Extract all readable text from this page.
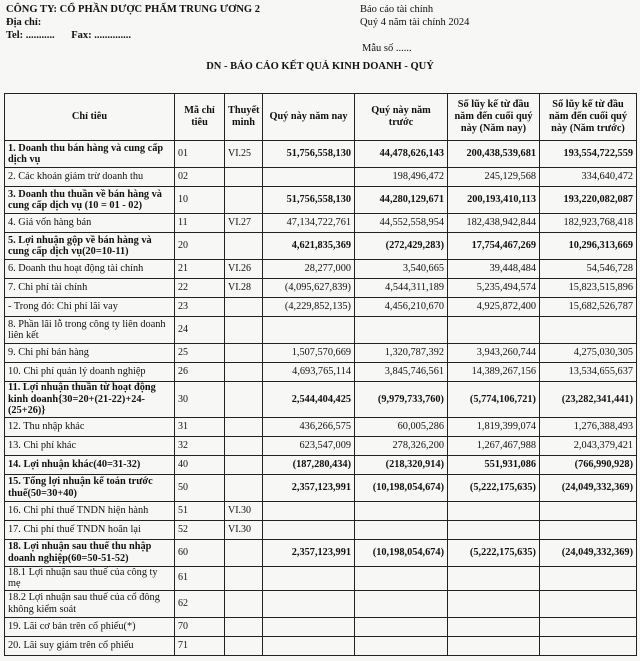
CÔNG TY: CỔ PHẦN DƯỢC PHẨM TRUNG ƯƠNG 2
Địa chỉ:
Tel: ........... Fax: ..............
Báo cáo tài chính
Quý 4 năm tài chính 2024
Mẫu số ......
DN - BÁO CÁO KẾT QUẢ KINH DOANH - QUÝ
Chỉ tiêu	Mã chỉ tiêu	Thuyết minh	Quý này năm nay	Quý này năm trước	Số lũy kế từ đầu năm đến cuối quý này (Năm nay)	Số lũy kế từ đầu năm đến cuối quý này (Năm trước)
1. Doanh thu bán hàng và cung cấp dịch vụ	01	VI.25	51,756,558,130	44,478,626,143	200,438,539,681	193,554,722,559
2. Các khoản giảm trừ doanh thu	02			198,496,472	245,129,568	334,640,472
3. Doanh thu thuần về bán hàng và cung cấp dịch vụ (10 = 01 - 02)	10		51,756,558,130	44,280,129,671	200,193,410,113	193,220,082,087
4. Giá vốn hàng bán	11	VI.27	47,134,722,761	44,552,558,954	182,438,942,844	182,923,768,418
5. Lợi nhuận gộp về bán hàng và cung cấp dịch vụ(20=10-11)	20		4,621,835,369	(272,429,283)	17,754,467,269	10,296,313,669
6. Doanh thu hoạt động tài chính	21	VI.26	28,277,000	3,540,665	39,448,484	54,546,728
7. Chi phí tài chính	22	VI.28	(4,095,627,839)	4,544,311,189	5,235,494,574	15,823,515,896
- Trong đó: Chi phí lãi vay	23		(4,229,852,135)	4,456,210,670	4,925,872,400	15,682,526,787
8. Phần lãi lỗ trong công ty liên doanh liên kết	24					
9. Chi phí bán hàng	25		1,507,570,669	1,320,787,392	3,943,260,744	4,275,030,305
10. Chi phí quản lý doanh nghiệp	26		4,693,765,114	3,845,746,561	14,389,267,156	13,534,655,637
11. Lợi nhuận thuần từ hoạt động kinh doanh{30=20+(21-22)+24-(25+26)}	30		2,544,404,425	(9,979,733,760)	(5,774,106,721)	(23,282,341,441)
12. Thu nhập khác	31		436,266,575	60,005,286	1,819,399,074	1,276,388,493
13. Chi phí khác	32		623,547,009	278,326,200	1,267,467,988	2,043,379,421
14. Lợi nhuận khác(40=31-32)	40		(187,280,434)	(218,320,914)	551,931,086	(766,990,928)
15. Tổng lợi nhuận kế toán trước thuế(50=30+40)	50		2,357,123,991	(10,198,054,674)	(5,222,175,635)	(24,049,332,369)
16. Chi phí thuế TNDN hiện hành	51	VI.30				
17. Chi phí thuế TNDN hoãn lại	52	VI.30				
18. Lợi nhuận sau thuế thu nhập doanh nghiệp(60=50-51-52)	60		2,357,123,991	(10,198,054,674)	(5,222,175,635)	(24,049,332,369)
18.1 Lợi nhuận sau thuế của công ty mẹ	61					
18.2 Lợi nhuận sau thuế của cổ đông không kiểm soát	62					
19. Lãi cơ bản trên cổ phiếu(*)	70					
20. Lãi suy giảm trên cổ phiếu	71					
